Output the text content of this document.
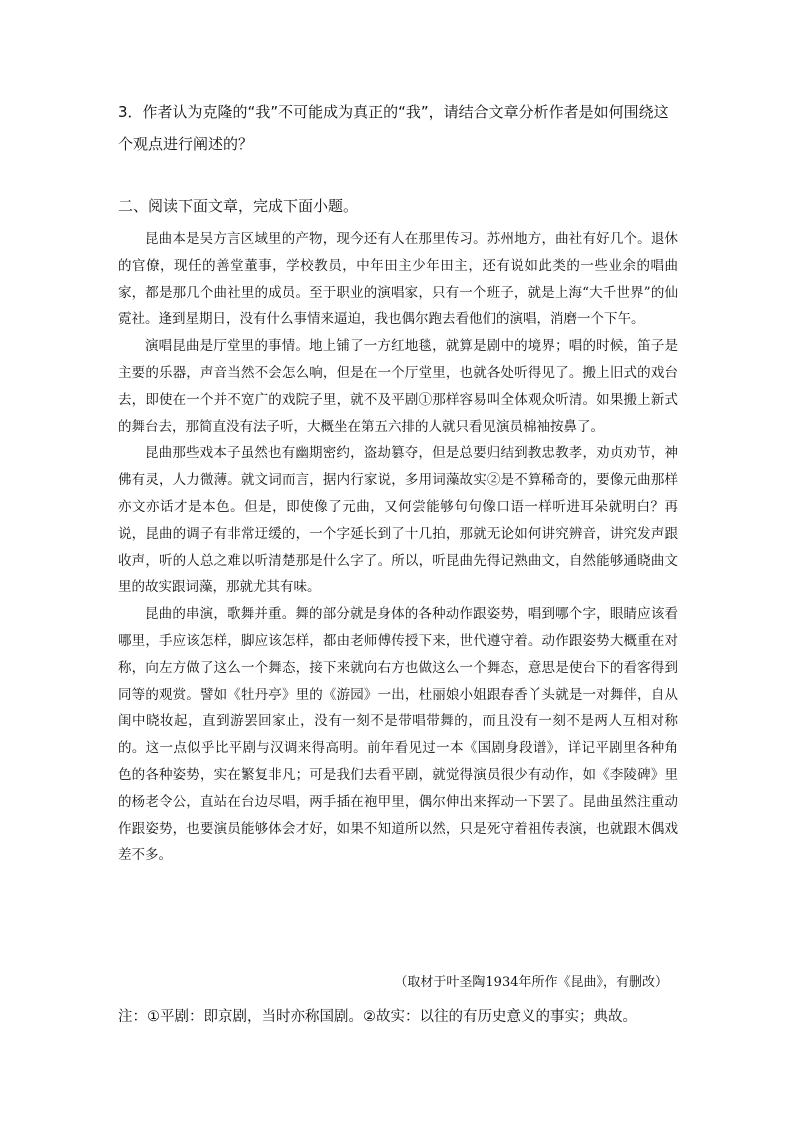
3．作者认为克隆的“我”不可能成为真正的“我”，请结合文章分析作者是如何围绕这个观点进行阐述的？
二、阅读下面文章，完成下面小题。

昆曲本是吴方言区域里的产物，现今还有人在那里传习。苏州地方，曲社有好几个。退休的官僚，现任的善堂董事，学校教员，中年田主少年田主，还有说如此类的一些业余的唱曲家，都是那几个曲社里的成员。至于职业的演唱家，只有一个班子，就是上海“大千世界”的仙霓社。逢到星期日，没有什么事情来逼迫，我也偶尔跑去看他们的演唱，消磨一个下午。

演唱昆曲是厅堂里的事情。地上铺了一方红地毯，就算是剧中的境界；唱的时候，笛子是主要的乐器，声音当然不会怎么响，但是在一个厅堂里，也就各处听得见了。搬上旧式的戏台去，即使在一个并不宽广的戏院子里，就不及平剧①那样容易叫全体观众听清。如果搬上新式的舞台去，那简直没有法子听，大概坐在第五六排的人就只看见演员棉袖按鼻了。

昆曲那些戏本子虽然也有幽期密约，盗劫篡夺，但是总要归结到教忠教孝，劝贞劝节，神佛有灵，人力微薄。就文词而言，据内行家说，多用词藻故实②是不算稀奇的，要像元曲那样亦文亦话才是本色。但是，即使像了元曲，又何尝能够句句像口语一样听进耳朵就明白？再说，昆曲的调子有非常迂缓的，一个字延长到了十几拍，那就无论如何讲究辨音，讲究发声跟收声，听的人总之难以听清楚那是什么字了。所以，听昆曲先得记熟曲文，自然能够通晓曲文里的故实跟词藻，那就尤其有味。

昆曲的串演，歌舞并重。舞的部分就是身体的各种动作跟姿势，唱到哪个字，眼睛应该看哪里，手应该怎样，脚应该怎样，都由老师傅传授下来，世代遵守着。动作跟姿势大概重在对称，向左方做了这么一个舞态，接下来就向右方也做这么一个舞态，意思是使台下的看客得到同等的观赏。譬如《牡丹亭》里的《游园》一出，杜丽娘小姐跟春香丫头就是一对舞伴，自从闺中晓妆起，直到游罢回家止，没有一刻不是带唱带舞的，而且没有一刻不是两人互相对称的。这一点似乎比平剧与汉调来得高明。前年看见过一本《国剧身段谱》，详记平剧里各种角色的各种姿势，实在繁复非凡；可是我们去看平剧，就觉得演员很少有动作，如《李陵碑》里的杨老令公，直站在台边尽唱，两手插在袍甲里，偶尔伸出来挥动一下罢了。昆曲虽然注重动作跟姿势，也要演员能够体会才好，如果不知道所以然，只是死守着祖传表演，也就跟木偶戏差不多。

（取材于叶圣陶1934年所作《昆曲》，有删改）
注：①平剧：即京剧，当时亦称国剧。②故实：以往的有历史意义的事实；典故。
